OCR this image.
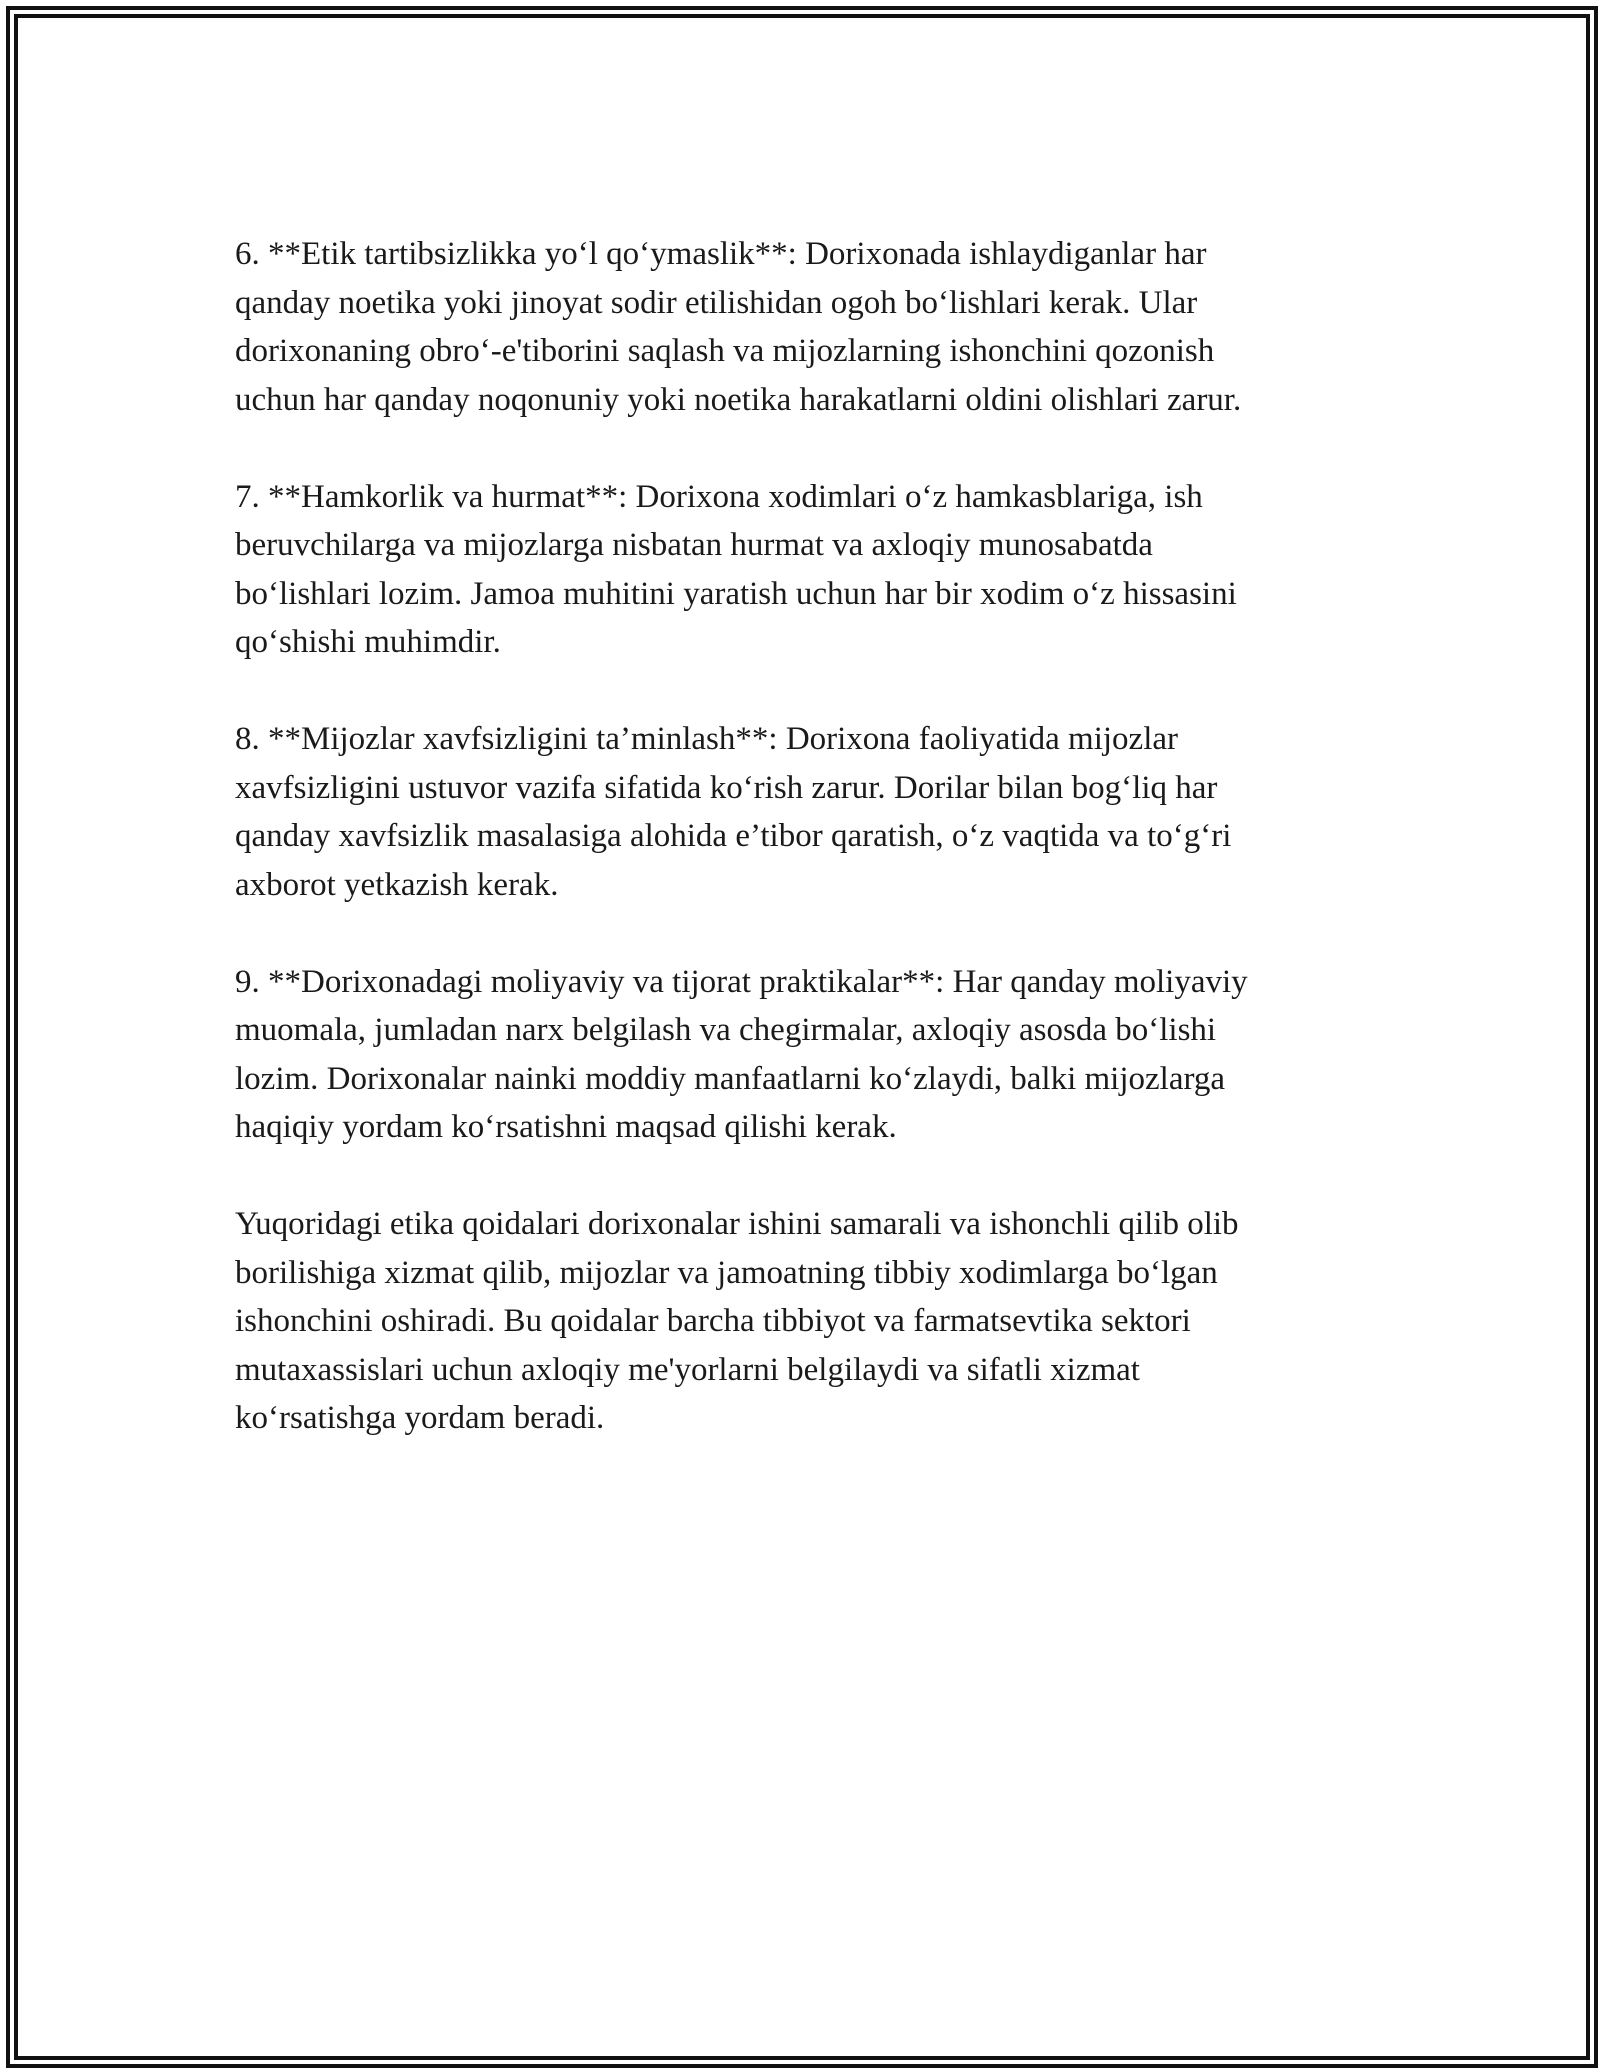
6. **Etik tartibsizlikka yo‘l qo‘ymaslik**: Dorixonada ishlaydiganlar har
qanday noetika yoki jinoyat sodir etilishidan ogoh bo‘lishlari kerak. Ular
dorixonaning obro‘-e'tiborini saqlash va mijozlarning ishonchini qozonish
uchun har qanday noqonuniy yoki noetika harakatlarni oldini olishlari zarur.

7. **Hamkorlik va hurmat**: Dorixona xodimlari o‘z hamkasblariga, ish
beruvchilarga va mijozlarga nisbatan hurmat va axloqiy munosabatda
bo‘lishlari lozim. Jamoa muhitini yaratish uchun har bir xodim o‘z hissasini
qo‘shishi muhimdir.

8. **Mijozlar xavfsizligini ta’minlash**: Dorixona faoliyatida mijozlar
xavfsizligini ustuvor vazifa sifatida ko‘rish zarur. Dorilar bilan bog‘liq har
qanday xavfsizlik masalasiga alohida e’tibor qaratish, o‘z vaqtida va to‘g‘ri
axborot yetkazish kerak.

9. **Dorixonadagi moliyaviy va tijorat praktikalar**: Har qanday moliyaviy
muomala, jumladan narx belgilash va chegirmalar, axloqiy asosda bo‘lishi
lozim. Dorixonalar nainki moddiy manfaatlarni ko‘zlaydi, balki mijozlarga
haqiqiy yordam ko‘rsatishni maqsad qilishi kerak.

Yuqoridagi etika qoidalari dorixonalar ishini samarali va ishonchli qilib olib
borilishiga xizmat qilib, mijozlar va jamoatning tibbiy xodimlarga bo‘lgan
ishonchini oshiradi. Bu qoidalar barcha tibbiyot va farmatsevtika sektori
mutaxassislari uchun axloqiy me'yorlarni belgilaydi va sifatli xizmat
ko‘rsatishga yordam beradi.
